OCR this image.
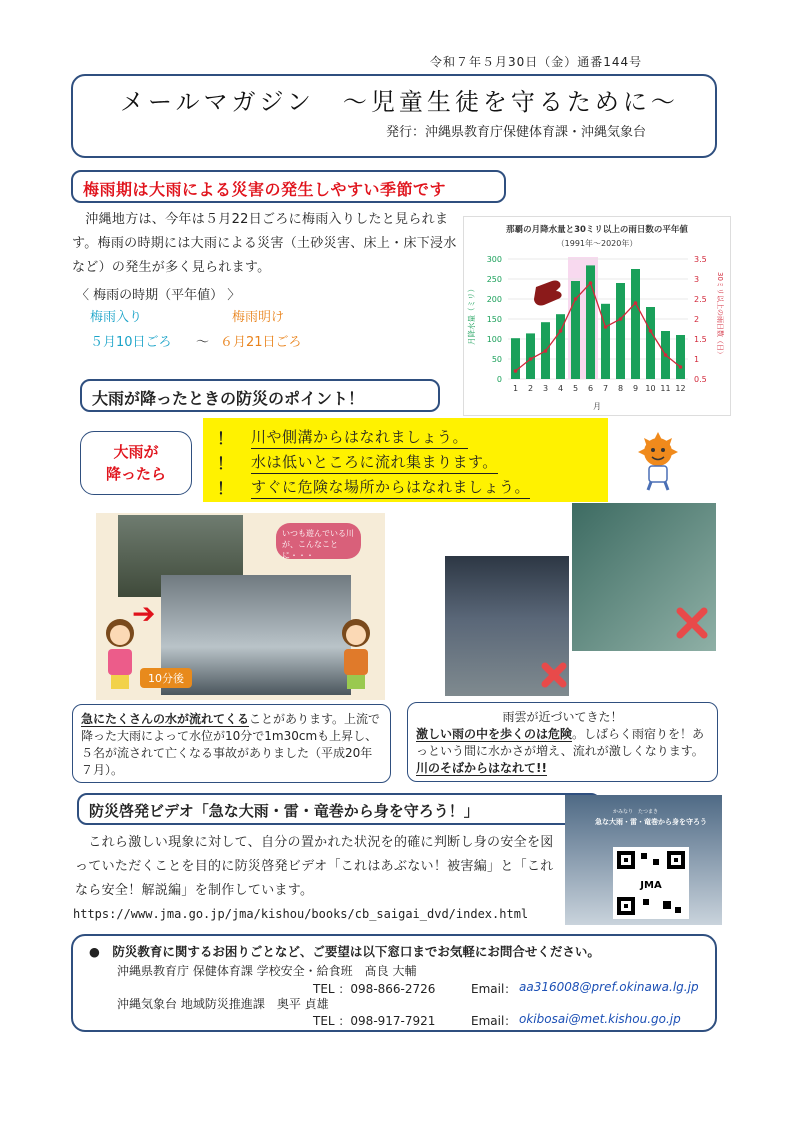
令和７年５月30日（金）通番144号
メールマガジン　～児童生徒を守るために～
発行：沖縄県教育庁保健体育課・沖縄気象台
梅雨期は大雨による災害の発生しやすい季節です
　沖縄地方は、今年は５月22日ごろに梅雨入りしたと見られます。梅雨の時期には大雨による災害（土砂災害、床上・床下浸水など）の発生が多く見られます。
〈 梅雨の時期（平年値） 〉
梅雨入り	梅雨明け
５月10日ごろ ～ ６月21日ごろ
那覇の月降水量と30ミリ以上の雨日数の平年値
（1991年～2020年）
月降水量（ミリ）	30ミリ以上の雨日数（日）
月
0
50
100
150
200
250
300
0.5
1
1.5
2
2.5
3
3.5
1 2 3 4 5 6 7 8 9 10 11 12
大雨が降ったときの防災のポイント！
大雨が
降ったら
！ 川や側溝からはなれましょう。
！ 水は低いところに流れ集まります。
！ すぐに危険な場所からはなれましょう。
いつも遊んでいる川が、こんなことに・・・
➔
10分後
急にたくさんの水が流れてくることがあります。上流で降った大雨によって水位が10分で1m30cmも上昇し、５名が流されて亡くなる事故がありました（平成20年７月）。
雨雲が近づいてきた！
激しい雨の中を歩くのは危険。しばらく雨宿りを！あっという間に水かさが増え、流れが激しくなります。川のそばからはなれて!!
防災啓発ビデオ「急な大雨・雷・竜巻から身を守ろう！」
　これら激しい現象に対して、自分の置かれた状況を的確に判断し身の安全を図っていただくことを目的に防災啓発ビデオ「これはあぶない！被害編」と「これなら安全！解説編」を制作しています。
https://www.jma.go.jp/jma/kishou/books/cb_saigai_dvd/index.html
かみなり　たつまき
急な大雨・雷・竜巻から身を守ろう
JMA
●　防災教育に関するお困りごとなど、ご要望は以下窓口までお気軽にお問合せください。
沖縄県教育庁 保健体育課 学校安全・給食班　髙良 大輔
TEL ：098-866-2726	Email： aa316008@pref.okinawa.lg.jp
沖縄気象台 地域防災推進課　奥平 貞雄
TEL ：098-917-7921	Email： okibosai@met.kishou.go.jp
